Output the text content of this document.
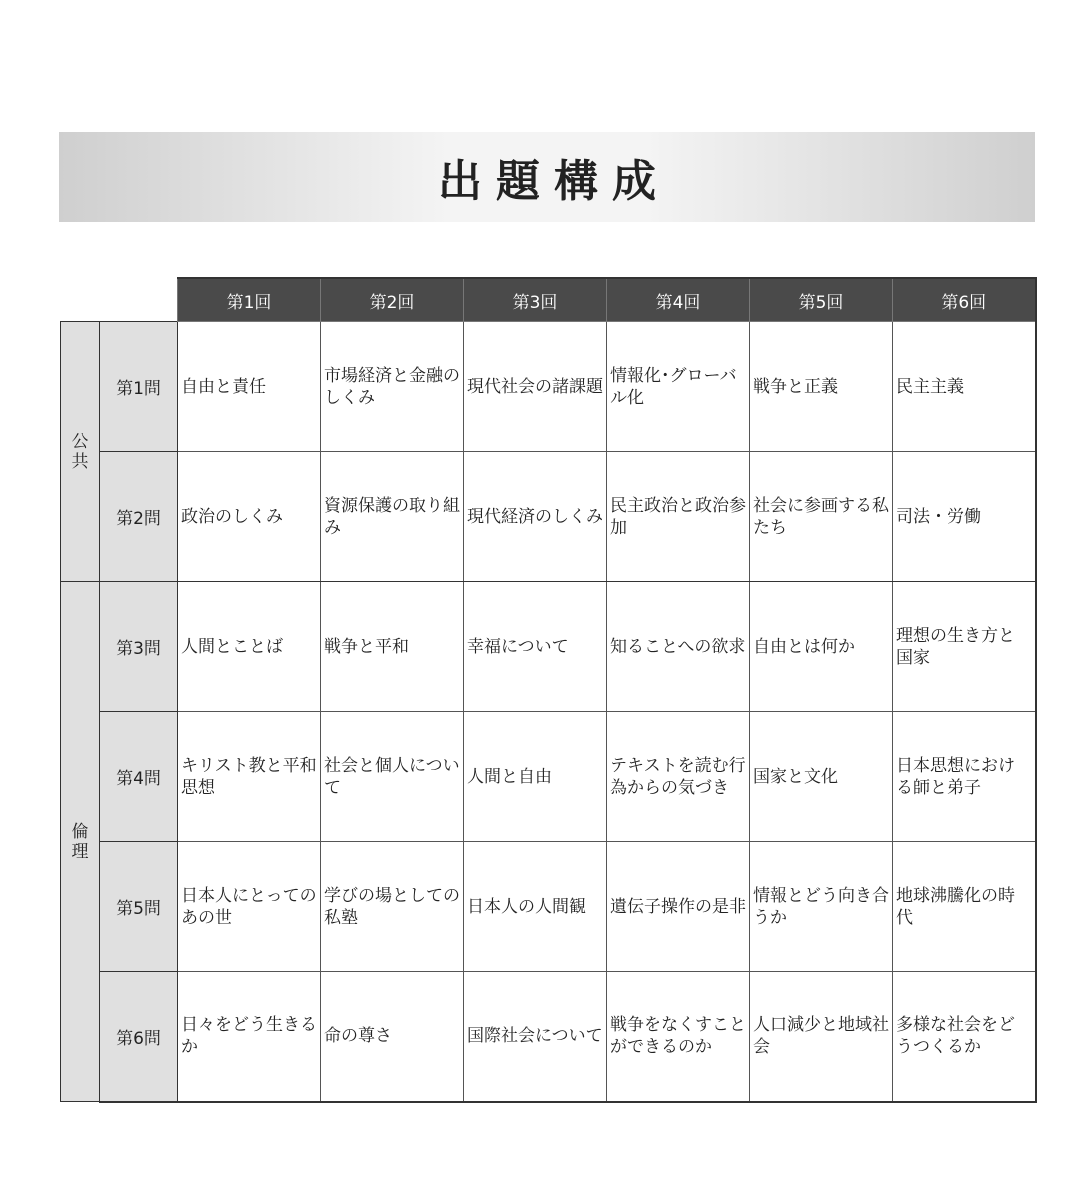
出題構成
		第1回	第2回	第3回	第4回	第5回	第6回
公共	第1問	自由と責任	市場経済と金融のしくみ	現代社会の諸課題	情報化･グローバル化	戦争と正義	民主主義
	第2問	政治のしくみ	資源保護の取り組み	現代経済のしくみ	民主政治と政治参加	社会に参画する私たち	司法・労働
倫理	第3問	人間とことば	戦争と平和	幸福について	知ることへの欲求	自由とは何か	理想の生き方と国家
	第4問	キリスト教と平和思想	社会と個人について	人間と自由	テキストを読む行為からの気づき	国家と文化	日本思想における師と弟子
	第5問	日本人にとってのあの世	学びの場としての私塾	日本人の人間観	遺伝子操作の是非	情報とどう向き合うか	地球沸騰化の時代
	第6問	日々をどう生きるか	命の尊さ	国際社会について	戦争をなくすことができるのか	人口減少と地域社会	多様な社会をどうつくるか
